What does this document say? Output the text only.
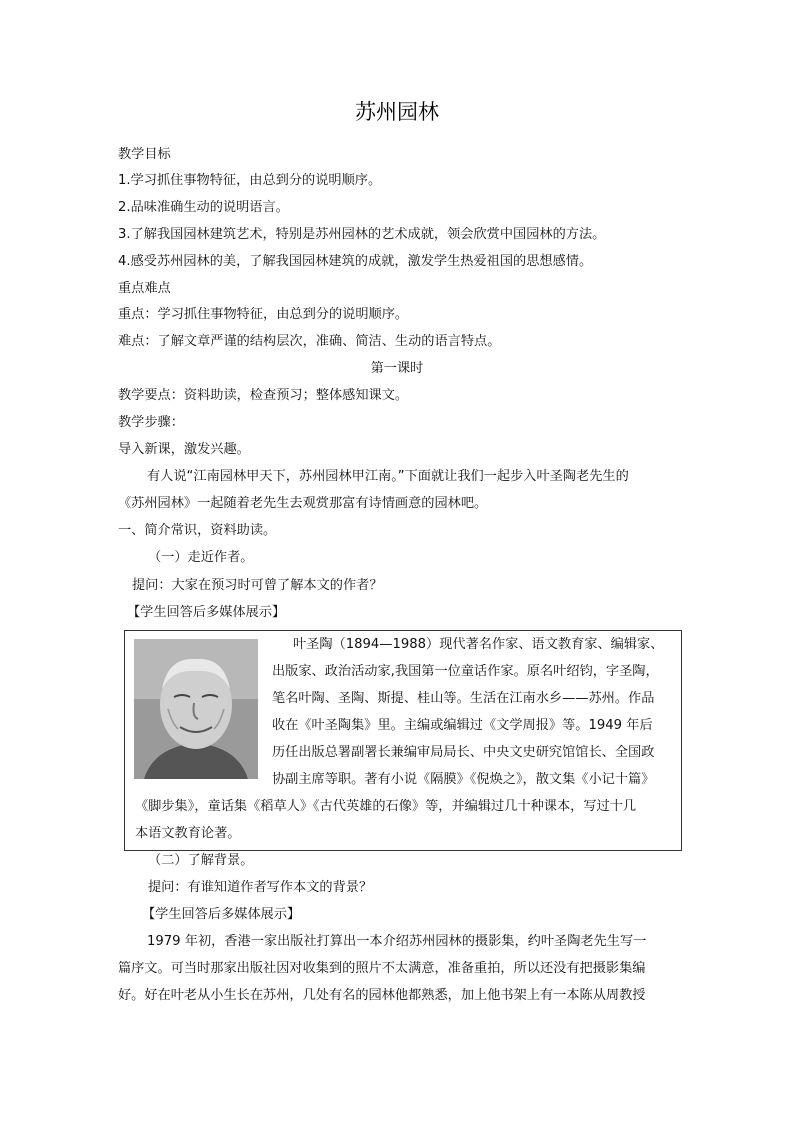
苏州园林
教学目标
1.学习抓住事物特征，由总到分的说明顺序。
2.品味准确生动的说明语言。
3.了解我国园林建筑艺术，特别是苏州园林的艺术成就，领会欣赏中国园林的方法。
4.感受苏州园林的美，了解我国园林建筑的成就，激发学生热爱祖国的思想感情。
重点难点
重点：学习抓住事物特征，由总到分的说明顺序。
难点：了解文章严谨的结构层次，准确、简洁、生动的语言特点。
第一课时
教学要点：资料助读，检查预习；整体感知课文。
教学步骤：
导入新课，激发兴趣。
有人说“江南园林甲天下，苏州园林甲江南。”下面就让我们一起步入叶圣陶老先生的
《苏州园林》一起随着老先生去观赏那富有诗情画意的园林吧。
一、简介常识，资料助读。
（一）走近作者。
提问：大家在预习时可曾了解本文的作者？
【学生回答后多媒体展示】
叶圣陶（1894—1988）现代著名作家、语文教育家、编辑家、
出版家、政治活动家,我国第一位童话作家。原名叶绍钧，字圣陶，
笔名叶陶、圣陶、斯提、桂山等。生活在江南水乡——苏州。作品
收在《叶圣陶集》里。主编或编辑过《文学周报》等。1949 年后
历任出版总署副署长兼编审局局长、中央文史研究馆馆长、全国政
协副主席等职。著有小说《隔膜》《倪焕之》，散文集《小记十篇》
《脚步集》，童话集《稻草人》《古代英雄的石像》等，并编辑过几十种课本，写过十几
本语文教育论著。
（二）了解背景。
提问：有谁知道作者写作本文的背景？
【学生回答后多媒体展示】
1979 年初，香港一家出版社打算出一本介绍苏州园林的摄影集，约叶圣陶老先生写一
篇序文。可当时那家出版社因对收集到的照片不太满意，准备重拍，所以还没有把摄影集编
好。好在叶老从小生长在苏州，几处有名的园林他都熟悉，加上他书架上有一本陈从周教授
